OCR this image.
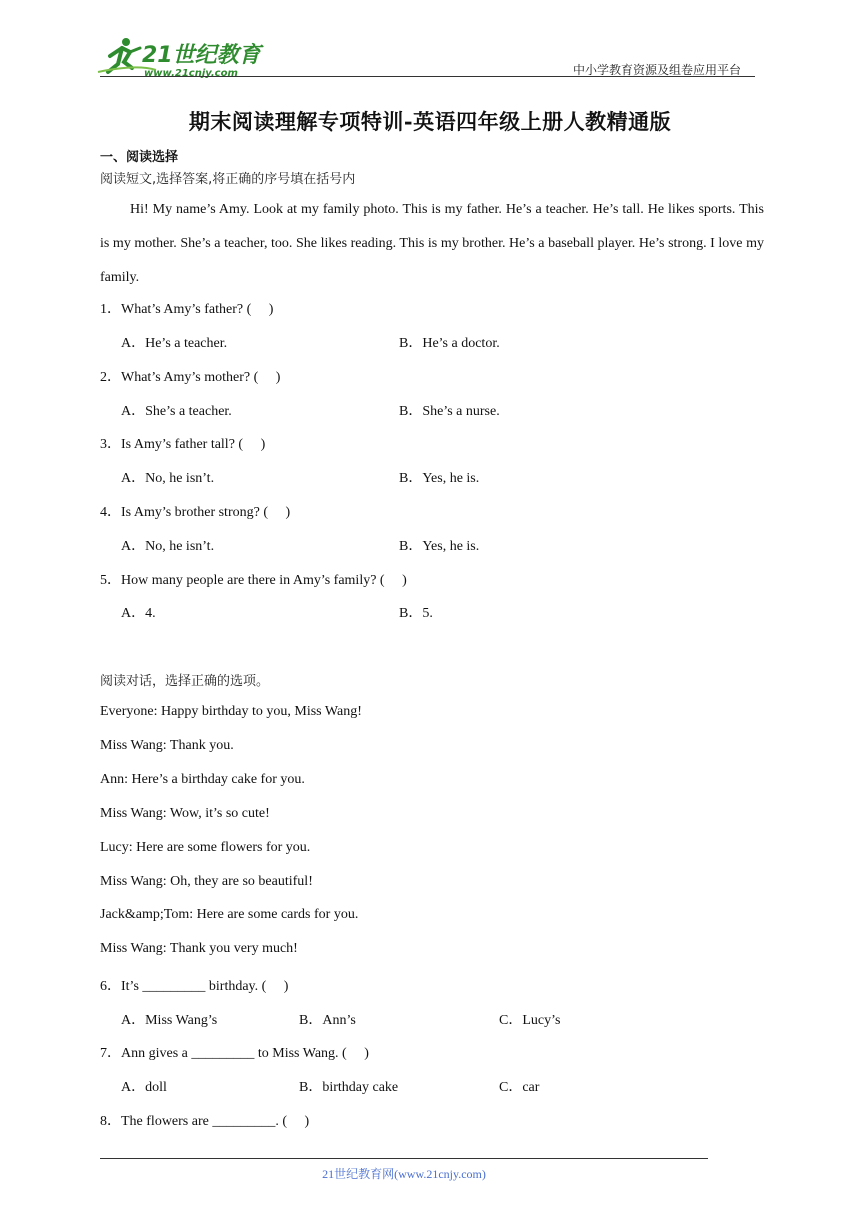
21世纪教育
www.21cnjy.com	中小学教育资源及组卷应用平台
期末阅读理解专项特训-英语四年级上册人教精通版
一、阅读选择
阅读短文,选择答案,将正确的序号填在括号内

Hi! My name’s Amy. Look at my family photo. This is my father. He’s a teacher. He’s tall. He likes sports. This is my mother. She’s a teacher, too. She likes reading. This is my brother. He’s a baseball player. He’s strong. I love my family.

1．What’s Amy’s father? (     )
A．He’s a teacher.	B．He’s a doctor.
2．What’s Amy’s mother? (     )
A．She’s a teacher.	B．She’s a nurse.
3．Is Amy’s father tall? (     )
A．No, he isn’t.	B．Yes, he is.
4．Is Amy’s brother strong? (     )
A．No, he isn’t.	B．Yes, he is.
5．How many people are there in Amy’s family? (     )
A．4.	B．5.
阅读对话，选择正确的选项。
Everyone: Happy birthday to you, Miss Wang!
Miss Wang: Thank you.
Ann: Here’s a birthday cake for you.
Miss Wang: Wow, it’s so cute!
Lucy: Here are some flowers for you.
Miss Wang: Oh, they are so beautiful!
Jack&amp;Tom: Here are some cards for you.
Miss Wang: Thank you very much!
6．It’s _________ birthday. (     )
A．Miss Wang’s	B．Ann’s	C．Lucy’s
7．Ann gives a _________ to Miss Wang. (     )
A．doll	B．birthday cake	C．car
8．The flowers are _________. (     )
21世纪教育网(www.21cnjy.com)
